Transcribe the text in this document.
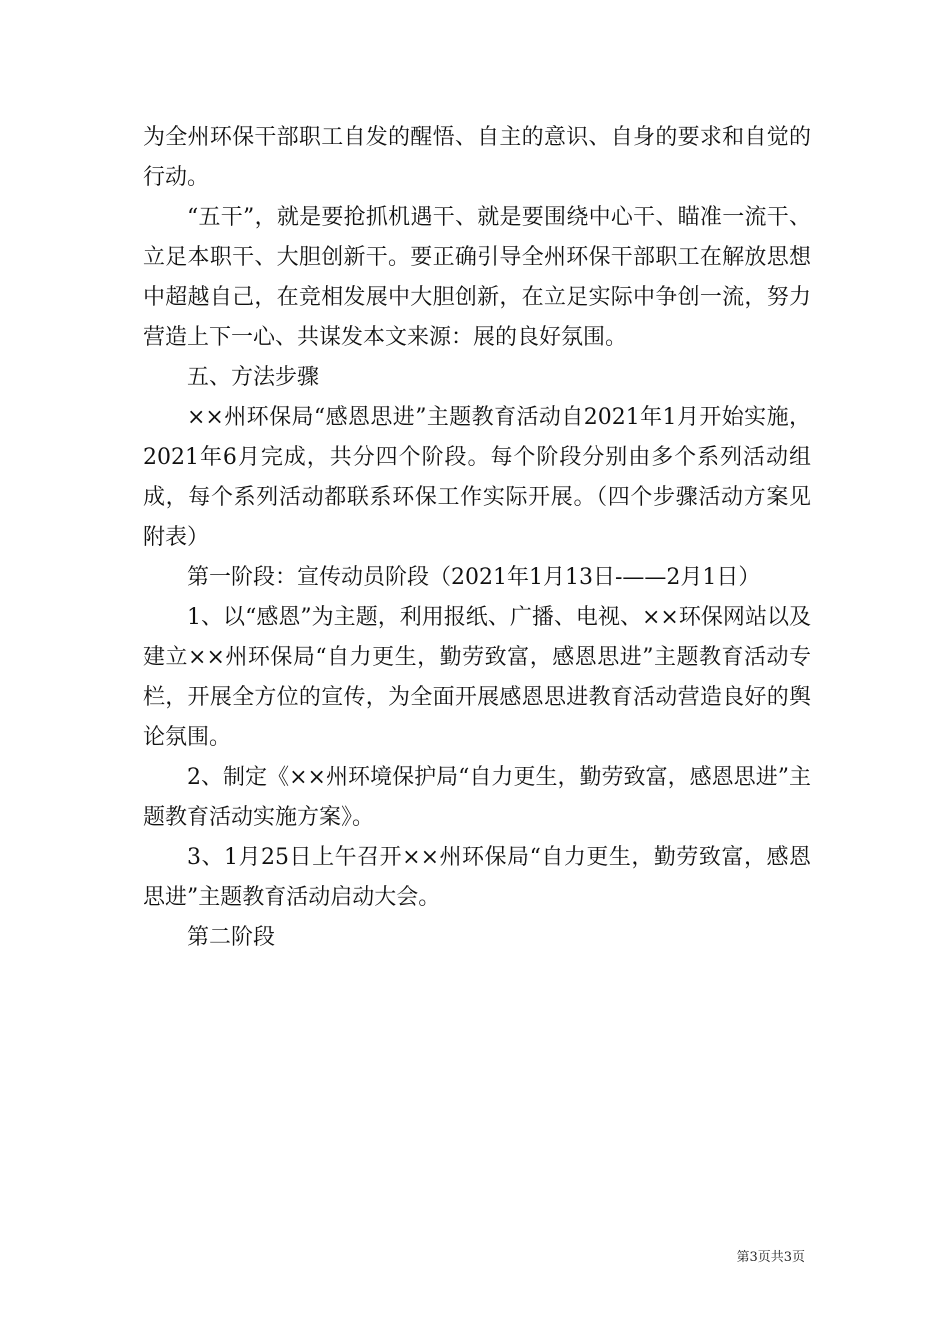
为全州环保干部职工自发的醒悟、自主的意识、自身的要求和自觉的行动。

“五干”，就是要抢抓机遇干、就是要围绕中心干、瞄准一流干、立足本职干、大胆创新干。要正确引导全州环保干部职工在解放思想中超越自己，在竞相发展中大胆创新，在立足实际中争创一流，努力营造上下一心、共谋发本文来源：展的良好氛围。

五、方法步骤

××州环保局“感恩思进”主题教育活动自2021年1月开始实施，2021年6月完成，共分四个阶段。每个阶段分别由多个系列活动组成，每个系列活动都联系环保工作实际开展。（四个步骤活动方案见附表）

第一阶段：宣传动员阶段（2021年1月13日-——2月1日）

1、以“感恩”为主题，利用报纸、广播、电视、××环保网站以及建立××州环保局“自力更生，勤劳致富，感恩思进”主题教育活动专栏，开展全方位的宣传，为全面开展感恩思进教育活动营造良好的舆论氛围。

2、制定《××州环境保护局“自力更生，勤劳致富，感恩思进”主题教育活动实施方案》。

3、1月25日上午召开××州环保局“自力更生，勤劳致富，感恩思进”主题教育活动启动大会。

第二阶段

第3页共3页
